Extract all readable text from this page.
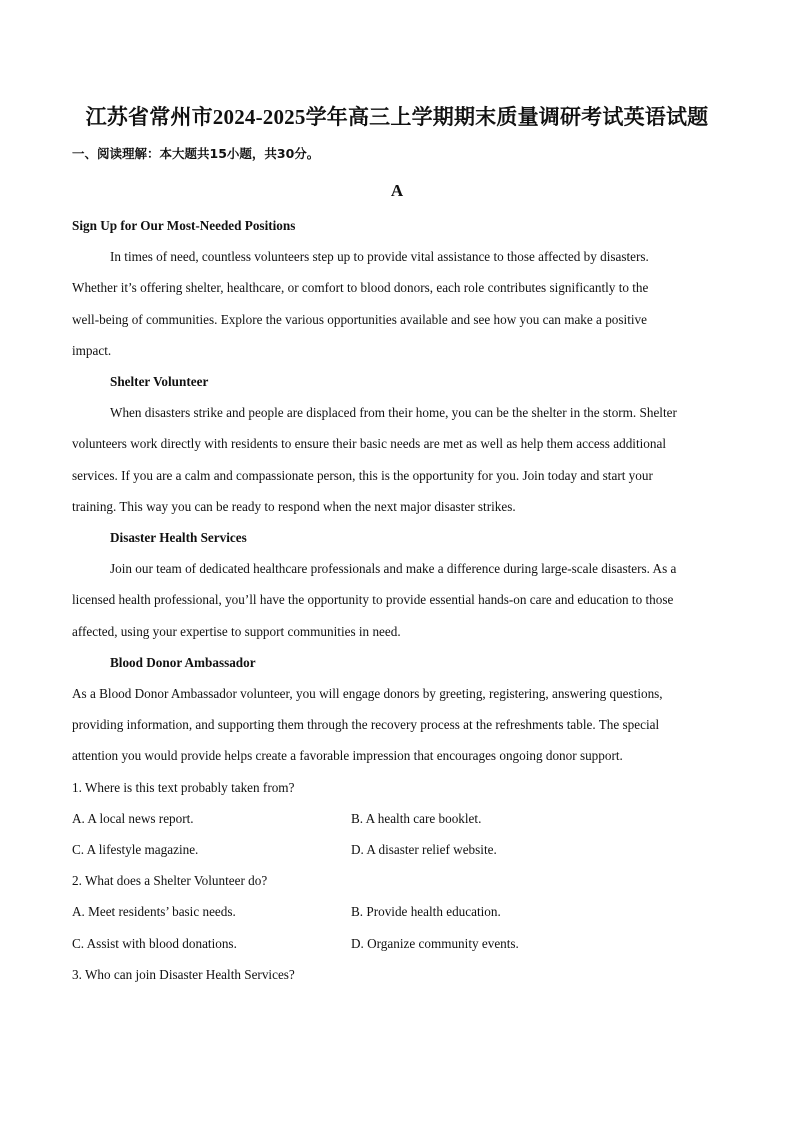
江苏省常州市2024-2025学年高三上学期期末质量调研考试英语试题
一、阅读理解：本大题共15小题，共30分。
A
Sign Up for Our Most-Needed Positions
In times of need, countless volunteers step up to provide vital assistance to those affected by disasters.
Whether it’s offering shelter, healthcare, or comfort to blood donors, each role contributes significantly to the
well-being of communities. Explore the various opportunities available and see how you can make a positive
impact.
Shelter Volunteer
When disasters strike and people are displaced from their home, you can be the shelter in the storm. Shelter
volunteers work directly with residents to ensure their basic needs are met as well as help them access additional
services. If you are a calm and compassionate person, this is the opportunity for you. Join today and start your
training. This way you can be ready to respond when the next major disaster strikes.
Disaster Health Services
Join our team of dedicated healthcare professionals and make a difference during large-scale disasters. As a
licensed health professional, you’ll have the opportunity to provide essential hands-on care and education to those
affected, using your expertise to support communities in need.
Blood Donor Ambassador
As a Blood Donor Ambassador volunteer, you will engage donors by greeting, registering, answering questions,
providing information, and supporting them through the recovery process at the refreshments table. The special
attention you would provide helps create a favorable impression that encourages ongoing donor support.
1. Where is this text probably taken from?
A. A local news report.	B. A health care booklet.
C. A lifestyle magazine.	D. A disaster relief website.
2. What does a Shelter Volunteer do?
A. Meet residents’ basic needs.	B. Provide health education.
C. Assist with blood donations.	D. Organize community events.
3. Who can join Disaster Health Services?
